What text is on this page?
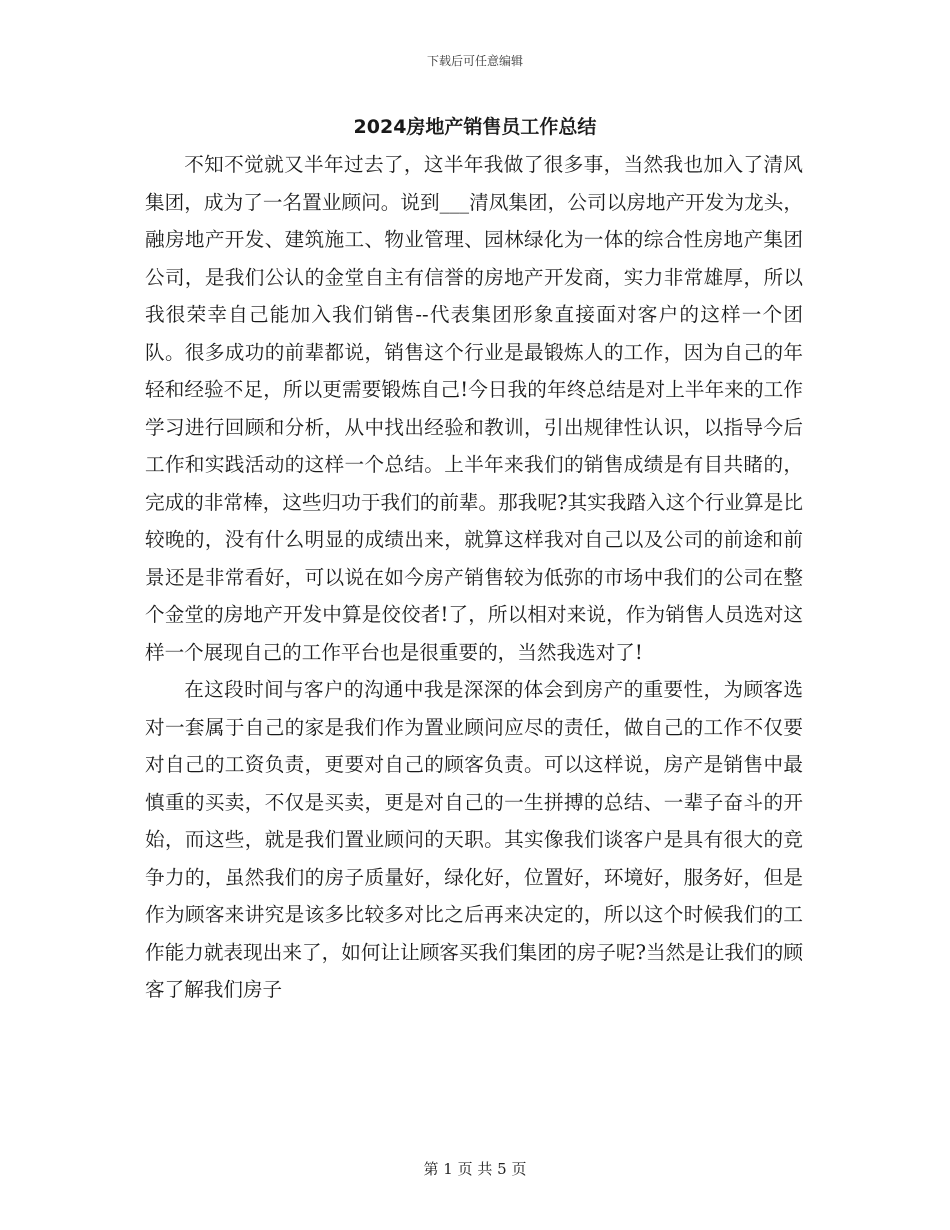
下载后可任意编辑
2024房地产销售员工作总结

不知不觉就又半年过去了，这半年我做了很多事，当然我也加入了清风集团，成为了一名置业顾问。说到___清凤集团，公司以房地产开发为龙头，融房地产开发、建筑施工、物业管理、园林绿化为一体的综合性房地产集团公司，是我们公认的金堂自主有信誉的房地产开发商，实力非常雄厚，所以我很荣幸自己能加入我们销售--代表集团形象直接面对客户的这样一个团队。很多成功的前辈都说，销售这个行业是最锻炼人的工作，因为自己的年轻和经验不足，所以更需要锻炼自己!今日我的年终总结是对上半年来的工作学习进行回顾和分析，从中找出经验和教训，引出规律性认识，以指导今后工作和实践活动的这样一个总结。上半年来我们的销售成绩是有目共睹的，完成的非常棒，这些归功于我们的前辈。那我呢?其实我踏入这个行业算是比较晚的，没有什么明显的成绩出来，就算这样我对自己以及公司的前途和前景还是非常看好，可以说在如今房产销售较为低弥的市场中我们的公司在整个金堂的房地产开发中算是佼佼者!了，所以相对来说，作为销售人员选对这样一个展现自己的工作平台也是很重要的，当然我选对了!

在这段时间与客户的沟通中我是深深的体会到房产的重要性，为顾客选对一套属于自己的家是我们作为置业顾问应尽的责任，做自己的工作不仅要对自己的工资负责，更要对自己的顾客负责。可以这样说，房产是销售中最慎重的买卖，不仅是买卖，更是对自己的一生拼搏的总结、一辈子奋斗的开始，而这些，就是我们置业顾问的天职。其实像我们谈客户是具有很大的竞争力的，虽然我们的房子质量好，绿化好，位置好，环境好，服务好，但是作为顾客来讲究是该多比较多对比之后再来决定的，所以这个时候我们的工作能力就表现出来了，如何让让顾客买我们集团的房子呢?当然是让我们的顾客了解我们房子

第 1 页 共 5 页
